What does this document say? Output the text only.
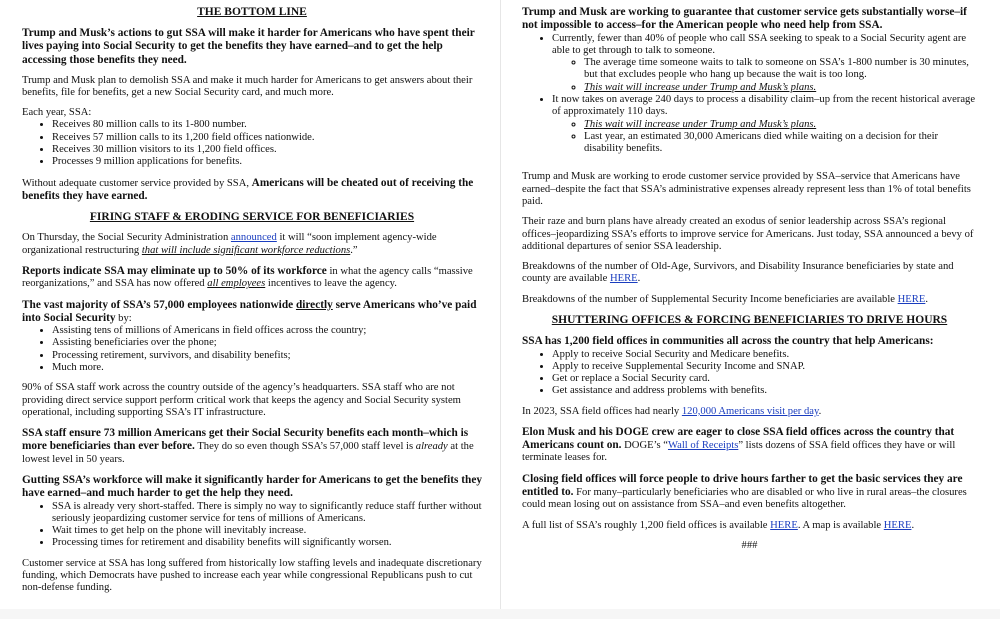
THE BOTTOM LINE

Trump and Musk’s actions to gut SSA will make it harder for Americans who have spent their lives paying into Social Security to get the benefits they have earned–and to get the help accessing those benefits they need.

Trump and Musk plan to demolish SSA and make it much harder for Americans to get answers about their benefits, file for benefits, get a new Social Security card, and much more.

Each year, SSA:

• Receives 80 million calls to its 1-800 number.
• Receives 57 million calls to its 1,200 field offices nationwide.
• Receives 30 million visitors to its 1,200 field offices.
• Processes 9 million applications for benefits.

Without adequate customer service provided by SSA, Americans will be cheated out of receiving the benefits they have earned.

FIRING STAFF & ERODING SERVICE FOR BENEFICIARIES

On Thursday, the Social Security Administration announced it will “soon implement agency-wide organizational restructuring that will include significant workforce reductions.”

Reports indicate SSA may eliminate up to 50% of its workforce in what the agency calls “massive reorganizations,” and SSA has now offered all employees incentives to leave the agency.

The vast majority of SSA’s 57,000 employees nationwide directly serve Americans who’ve paid into Social Security by:

• Assisting tens of millions of Americans in field offices across the country;
• Assisting beneficiaries over the phone;
• Processing retirement, survivors, and disability benefits;
• Much more.

90% of SSA staff work across the country outside of the agency’s headquarters. SSA staff who are not providing direct service support perform critical work that keeps the agency and Social Security system operational, including supporting SSA’s IT infrastructure.

SSA staff ensure 73 million Americans get their Social Security benefits each month–which is more beneficiaries than ever before. They do so even though SSA’s 57,000 staff level is already at the lowest level in 50 years.

Gutting SSA’s workforce will make it significantly harder for Americans to get the benefits they have earned–and much harder to get the help they need.

• SSA is already very short-staffed. There is simply no way to significantly reduce staff further without seriously jeopardizing customer service for tens of millions of Americans.
• Wait times to get help on the phone will inevitably increase.
• Processing times for retirement and disability benefits will significantly worsen.

Customer service at SSA has long suffered from historically low staffing levels and inadequate discretionary funding, which Democrats have pushed to increase each year while congressional Republicans push to cut non-defense funding.

Trump and Musk are working to guarantee that customer service gets substantially worse–if not impossible to access–for the American people who need help from SSA.

• Currently, fewer than 40% of people who call SSA seeking to speak to a Social Security agent are able to get through to talk to someone.
◦ The average time someone waits to talk to someone on SSA’s 1-800 number is 30 minutes, but that excludes people who hang up because the wait is too long.
◦ This wait will increase under Trump and Musk’s plans.
• It now takes on average 240 days to process a disability claim–up from the recent historical average of approximately 110 days.
◦ This wait will increase under Trump and Musk’s plans.
◦ Last year, an estimated 30,000 Americans died while waiting on a decision for their disability benefits.

Trump and Musk are working to erode customer service provided by SSA–service that Americans have earned–despite the fact that SSA’s administrative expenses already represent less than 1% of total benefits paid.

Their raze and burn plans have already created an exodus of senior leadership across SSA’s regional offices–jeopardizing SSA’s efforts to improve service for Americans. Just today, SSA announced a bevy of additional departures of senior SSA leadership.

Breakdowns of the number of Old-Age, Survivors, and Disability Insurance beneficiaries by state and county are available HERE.

Breakdowns of the number of Supplemental Security Income beneficiaries are available HERE.

SHUTTERING OFFICES & FORCING BENEFICIARIES TO DRIVE HOURS

SSA has 1,200 field offices in communities all across the country that help Americans:

• Apply to receive Social Security and Medicare benefits.
• Apply to receive Supplemental Security Income and SNAP.
• Get or replace a Social Security card.
• Get assistance and address problems with benefits.

In 2023, SSA field offices had nearly 120,000 Americans visit per day.

Elon Musk and his DOGE crew are eager to close SSA field offices across the country that Americans count on. DOGE’s “Wall of Receipts” lists dozens of SSA field offices they have or will terminate leases for.

Closing field offices will force people to drive hours farther to get the basic services they are entitled to. For many–particularly beneficiaries who are disabled or who live in rural areas–the closures could mean losing out on assistance from SSA–and even benefits altogether.

A full list of SSA’s roughly 1,200 field offices is available HERE. A map is available HERE.

###
